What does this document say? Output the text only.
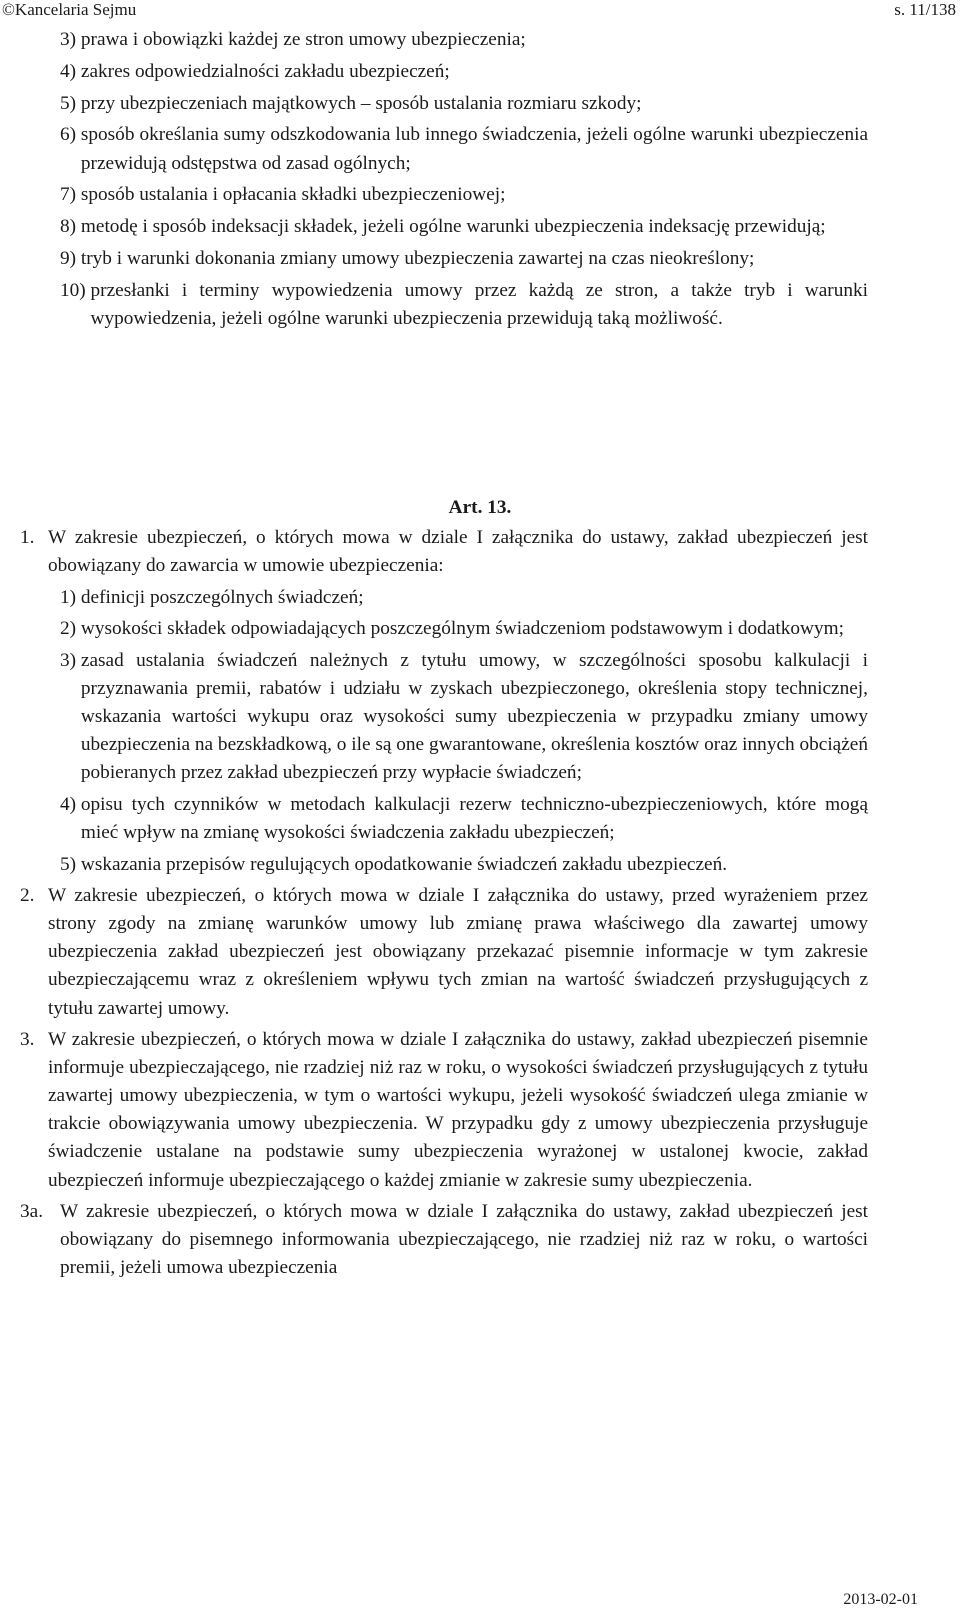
©Kancelaria Sejmu	s. 11/138
3) prawa i obowiązki każdej ze stron umowy ubezpieczenia;
4) zakres odpowiedzialności zakładu ubezpieczeń;
5) przy ubezpieczeniach majątkowych – sposób ustalania rozmiaru szkody;
6) sposób określania sumy odszkodowania lub innego świadczenia, jeżeli ogólne warunki ubezpieczenia przewidują odstępstwa od zasad ogólnych;
7) sposób ustalania i opłacania składki ubezpieczeniowej;
8) metodę i sposób indeksacji składek, jeżeli ogólne warunki ubezpieczenia indeksację przewidują;
9) tryb i warunki dokonania zmiany umowy ubezpieczenia zawartej na czas nieokreślony;
10) przesłanki i terminy wypowiedzenia umowy przez każdą ze stron, a także tryb i warunki wypowiedzenia, jeżeli ogólne warunki ubezpieczenia przewidują taką możliwość.
Art. 13.
1. W zakresie ubezpieczeń, o których mowa w dziale I załącznika do ustawy, zakład ubezpieczeń jest obowiązany do zawarcia w umowie ubezpieczenia:
1) definicji poszczególnych świadczeń;
2) wysokości składek odpowiadających poszczególnym świadczeniom podstawowym i dodatkowym;
3) zasad ustalania świadczeń należnych z tytułu umowy, w szczególności sposobu kalkulacji i przyznawania premii, rabatów i udziału w zyskach ubezpieczonego, określenia stopy technicznej, wskazania wartości wykupu oraz wysokości sumy ubezpieczenia w przypadku zmiany umowy ubezpieczenia na bezskładkową, o ile są one gwarantowane, określenia kosztów oraz innych obciążeń pobieranych przez zakład ubezpieczeń przy wypłacie świadczeń;
4) opisu tych czynników w metodach kalkulacji rezerw techniczno-ubezpieczeniowych, które mogą mieć wpływ na zmianę wysokości świadczenia zakładu ubezpieczeń;
5) wskazania przepisów regulujących opodatkowanie świadczeń zakładu ubezpieczeń.
2. W zakresie ubezpieczeń, o których mowa w dziale I załącznika do ustawy, przed wyrażeniem przez strony zgody na zmianę warunków umowy lub zmianę prawa właściwego dla zawartej umowy ubezpieczenia zakład ubezpieczeń jest obowiązany przekazać pisemnie informacje w tym zakresie ubezpieczającemu wraz z określeniem wpływu tych zmian na wartość świadczeń przysługujących z tytułu zawartej umowy.
3. W zakresie ubezpieczeń, o których mowa w dziale I załącznika do ustawy, zakład ubezpieczeń pisemnie informuje ubezpieczającego, nie rzadziej niż raz w roku, o wysokości świadczeń przysługujących z tytułu zawartej umowy ubezpieczenia, w tym o wartości wykupu, jeżeli wysokość świadczeń ulega zmianie w trakcie obowiązywania umowy ubezpieczenia. W przypadku gdy z umowy ubezpieczenia przysługuje świadczenie ustalane na podstawie sumy ubezpieczenia wyrażonej w ustalonej kwocie, zakład ubezpieczeń informuje ubezpieczającego o każdej zmianie w zakresie sumy ubezpieczenia.
3a. W zakresie ubezpieczeń, o których mowa w dziale I załącznika do ustawy, zakład ubezpieczeń jest obowiązany do pisemnego informowania ubezpieczającego, nie rzadziej niż raz w roku, o wartości premii, jeżeli umowa ubezpieczenia
2013-02-01
